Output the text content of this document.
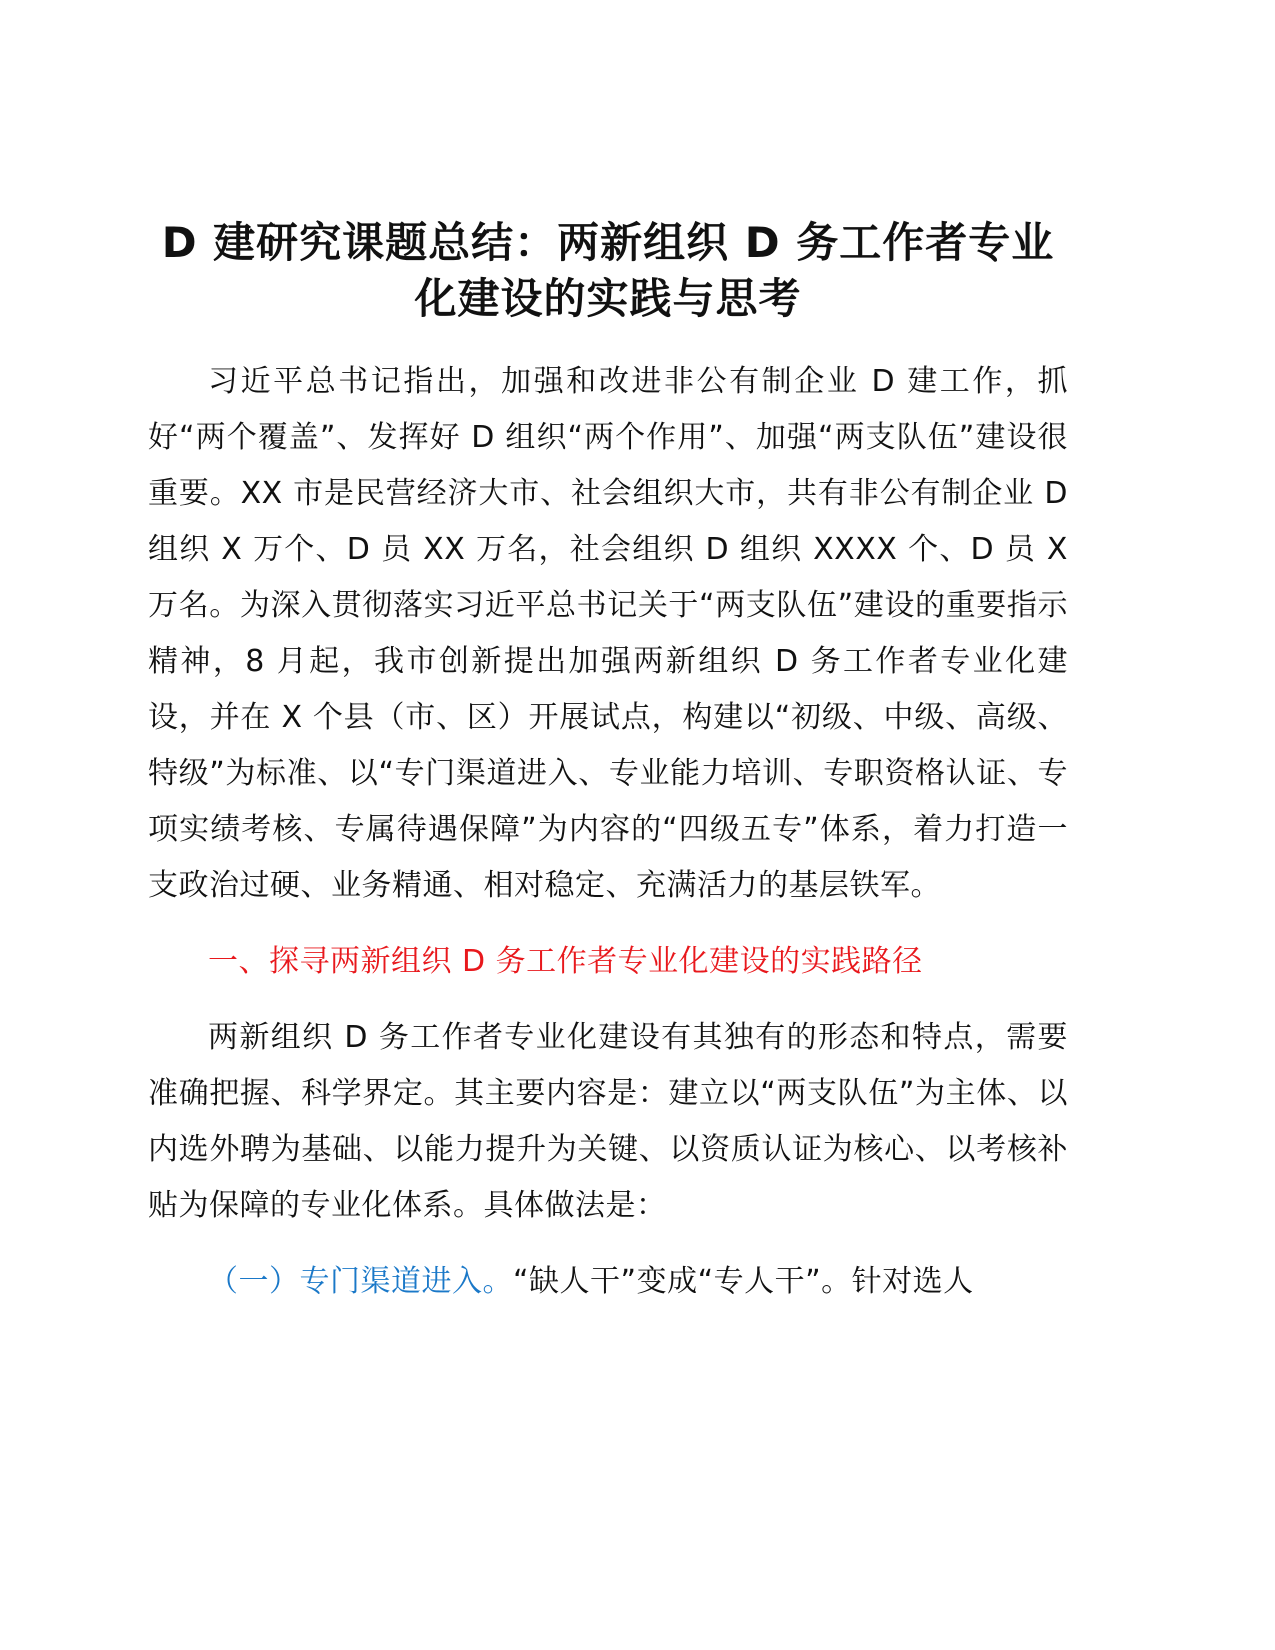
D 建研究课题总结：两新组织 D 务工作者专业
化建设的实践与思考

习近平总书记指出，加强和改进非公有制企业 D 建工作，抓好“两个覆盖”、发挥好 D 组织“两个作用”、加强“两支队伍”建设很重要。XX 市是民营经济大市、社会组织大市，共有非公有制企业 D 组织 X 万个、D 员 XX 万名，社会组织 D 组织 XXXX 个、D 员 X 万名。为深入贯彻落实习近平总书记关于“两支队伍”建设的重要指示精神，8 月起，我市创新提出加强两新组织 D 务工作者专业化建设，并在 X 个县（市、区）开展试点，构建以“初级、中级、高级、特级”为标准、以“专门渠道进入、专业能力培训、专职资格认证、专项实绩考核、专属待遇保障”为内容的“四级五专”体系，着力打造一支政治过硬、业务精通、相对稳定、充满活力的基层铁军。

一、探寻两新组织 D 务工作者专业化建设的实践路径

两新组织 D 务工作者专业化建设有其独有的形态和特点，需要准确把握、科学界定。其主要内容是：建立以“两支队伍”为主体、以内选外聘为基础、以能力提升为关键、以资质认证为核心、以考核补贴为保障的专业化体系。具体做法是：

（一）专门渠道进入。“缺人干”变成“专人干”。针对选人
